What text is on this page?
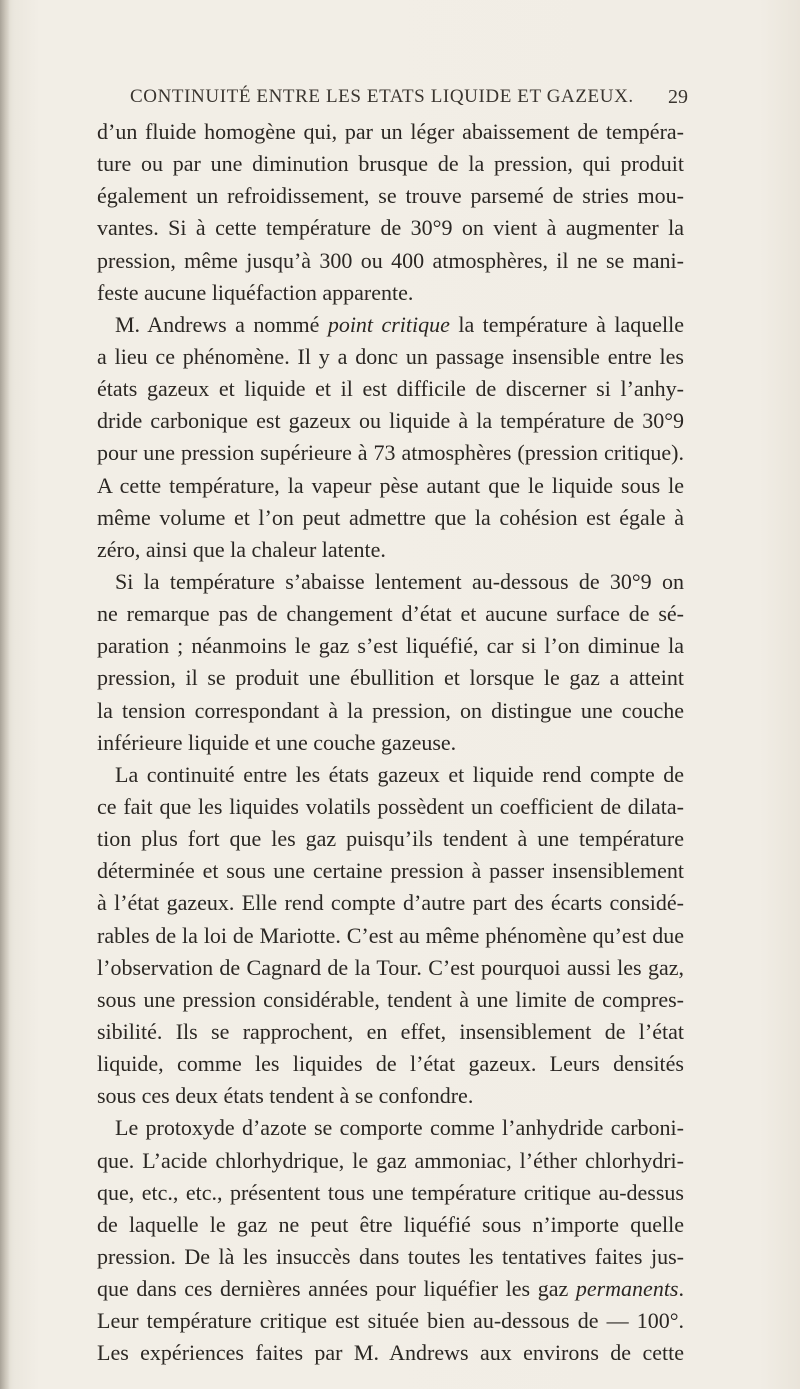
CONTINUITÉ ENTRE LES ETATS LIQUIDE ET GAZEUX.	29
d’un fluide homogène qui, par un léger abaissement de tempéra-
ture ou par une diminution brusque de la pression, qui produit
également un refroidissement, se trouve parsemé de stries mou-
vantes. Si à cette température de 30°9 on vient à augmenter la
pression, même jusqu’à 300 ou 400 atmosphères, il ne se mani-
feste aucune liquéfaction apparente.
M. Andrews a nommé point critique la température à laquelle
a lieu ce phénomène. Il y a donc un passage insensible entre les
états gazeux et liquide et il est difficile de discerner si l’anhy-
dride carbonique est gazeux ou liquide à la température de 30°9
pour une pression supérieure à 73 atmosphères (pression critique).
A cette température, la vapeur pèse autant que le liquide sous le
même volume et l’on peut admettre que la cohésion est égale à
zéro, ainsi que la chaleur latente.
Si la température s’abaisse lentement au-dessous de 30°9 on
ne remarque pas de changement d’état et aucune surface de sé-
paration ; néanmoins le gaz s’est liquéfié, car si l’on diminue la
pression, il se produit une ébullition et lorsque le gaz a atteint
la tension correspondant à la pression, on distingue une couche
inférieure liquide et une couche gazeuse.
La continuité entre les états gazeux et liquide rend compte de
ce fait que les liquides volatils possèdent un coefficient de dilata-
tion plus fort que les gaz puisqu’ils tendent à une température
déterminée et sous une certaine pression à passer insensiblement
à l’état gazeux. Elle rend compte d’autre part des écarts considé-
rables de la loi de Mariotte. C’est au même phénomène qu’est due
l’observation de Cagnard de la Tour. C’est pourquoi aussi les gaz,
sous une pression considérable, tendent à une limite de compres-
sibilité. Ils se rapprochent, en effet, insensiblement de l’état
liquide, comme les liquides de l’état gazeux. Leurs densités
sous ces deux états tendent à se confondre.
Le protoxyde d’azote se comporte comme l’anhydride carboni-
que. L’acide chlorhydrique, le gaz ammoniac, l’éther chlorhydri-
que, etc., etc., présentent tous une température critique au-dessus
de laquelle le gaz ne peut être liquéfié sous n’importe quelle
pression. De là les insuccès dans toutes les tentatives faites jus-
que dans ces dernières années pour liquéfier les gaz permanents.
Leur température critique est située bien au-dessous de — 100°.
Les expériences faites par M. Andrews aux environs de cette
